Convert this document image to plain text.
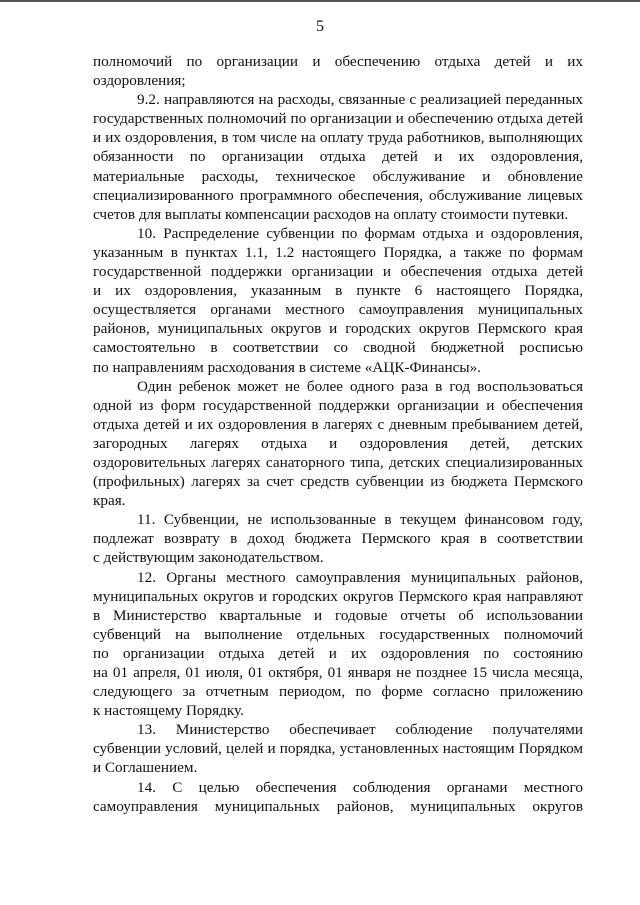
5
полномочий по организации и обеспечению отдыха детей и их
оздоровления;
9.2. направляются на расходы, связанные с реализацией переданных
государственных полномочий по организации и обеспечению отдыха детей
и их оздоровления, в том числе на оплату труда работников, выполняющих
обязанности по организации отдыха детей и их оздоровления,
материальные расходы, техническое обслуживание и обновление
специализированного программного обеспечения, обслуживание лицевых
счетов для выплаты компенсации расходов на оплату стоимости путевки.
10. Распределение субвенции по формам отдыха и оздоровления,
указанным в пунктах 1.1, 1.2 настоящего Порядка, а также по формам
государственной поддержки организации и обеспечения отдыха детей
и их оздоровления, указанным в пункте 6 настоящего Порядка,
осуществляется органами местного самоуправления муниципальных
районов, муниципальных округов и городских округов Пермского края
самостоятельно в соответствии со сводной бюджетной росписью
по направлениям расходования в системе «АЦК-Финансы».
Один ребенок может не более одного раза в год воспользоваться
одной из форм государственной поддержки организации и обеспечения
отдыха детей и их оздоровления в лагерях с дневным пребыванием детей,
загородных лагерях отдыха и оздоровления детей, детских
оздоровительных лагерях санаторного типа, детских специализированных
(профильных) лагерях за счет средств субвенции из бюджета Пермского
края.
11. Субвенции, не использованные в текущем финансовом году,
подлежат возврату в доход бюджета Пермского края в соответствии
с действующим законодательством.
12. Органы местного самоуправления муниципальных районов,
муниципальных округов и городских округов Пермского края направляют
в Министерство квартальные и годовые отчеты об использовании
субвенций на выполнение отдельных государственных полномочий
по организации отдыха детей и их оздоровления по состоянию
на 01 апреля, 01 июля, 01 октября, 01 января не позднее 15 числа месяца,
следующего за отчетным периодом, по форме согласно приложению
к настоящему Порядку.
13. Министерство обеспечивает соблюдение получателями
субвенции условий, целей и порядка, установленных настоящим Порядком
и Соглашением.
14. С целью обеспечения соблюдения органами местного
самоуправления муниципальных районов, муниципальных округов
